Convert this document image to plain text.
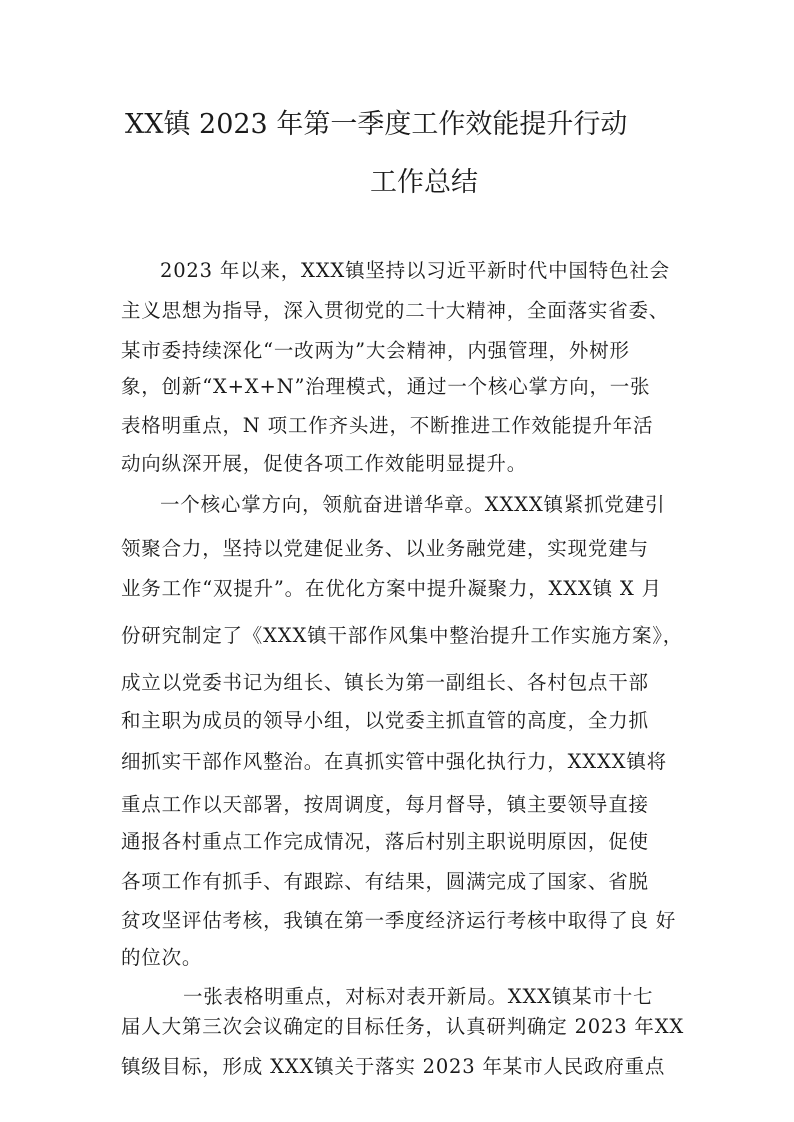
XX镇 2023 年第一季度工作效能提升行动
工作总结
2023 年以来，XXX镇坚持以习近平新时代中国特色社会
主义思想为指导，深入贯彻党的二十大精神，全面落实省委、
某市委持续深化“一改两为”大会精神，内强管理，外树形
象，创新“X+X+N”治理模式，通过一个核心掌方向，一张
表格明重点，N 项工作齐头进，不断推进工作效能提升年活
动向纵深开展，促使各项工作效能明显提升。
一个核心掌方向，领航奋进谱华章。XXXX镇紧抓党建引
领聚合力，坚持以党建促业务、以业务融党建，实现党建与
业务工作“双提升”。在优化方案中提升凝聚力，XXX镇 X 月
份研究制定了《XXX镇干部作风集中整治提升工作实施方案》，
成立以党委书记为组长、镇长为第一副组长、各村包点干部
和主职为成员的领导小组，以党委主抓直管的高度，全力抓
细抓实干部作风整治。在真抓实管中强化执行力，XXXX镇将
重点工作以天部署，按周调度，每月督导，镇主要领导直接
通报各村重点工作完成情况，落后村别主职说明原因，促使
各项工作有抓手、有跟踪、有结果，圆满完成了国家、省脱
贫攻坚评估考核，我镇在第一季度经济运行考核中取得了良 好
的位次。
一张表格明重点，对标对表开新局。XXX镇某市十七
届人大第三次会议确定的目标任务，认真研判确定 2023 年XX
镇级目标，形成 XXX镇关于落实 2023 年某市人民政府重点
